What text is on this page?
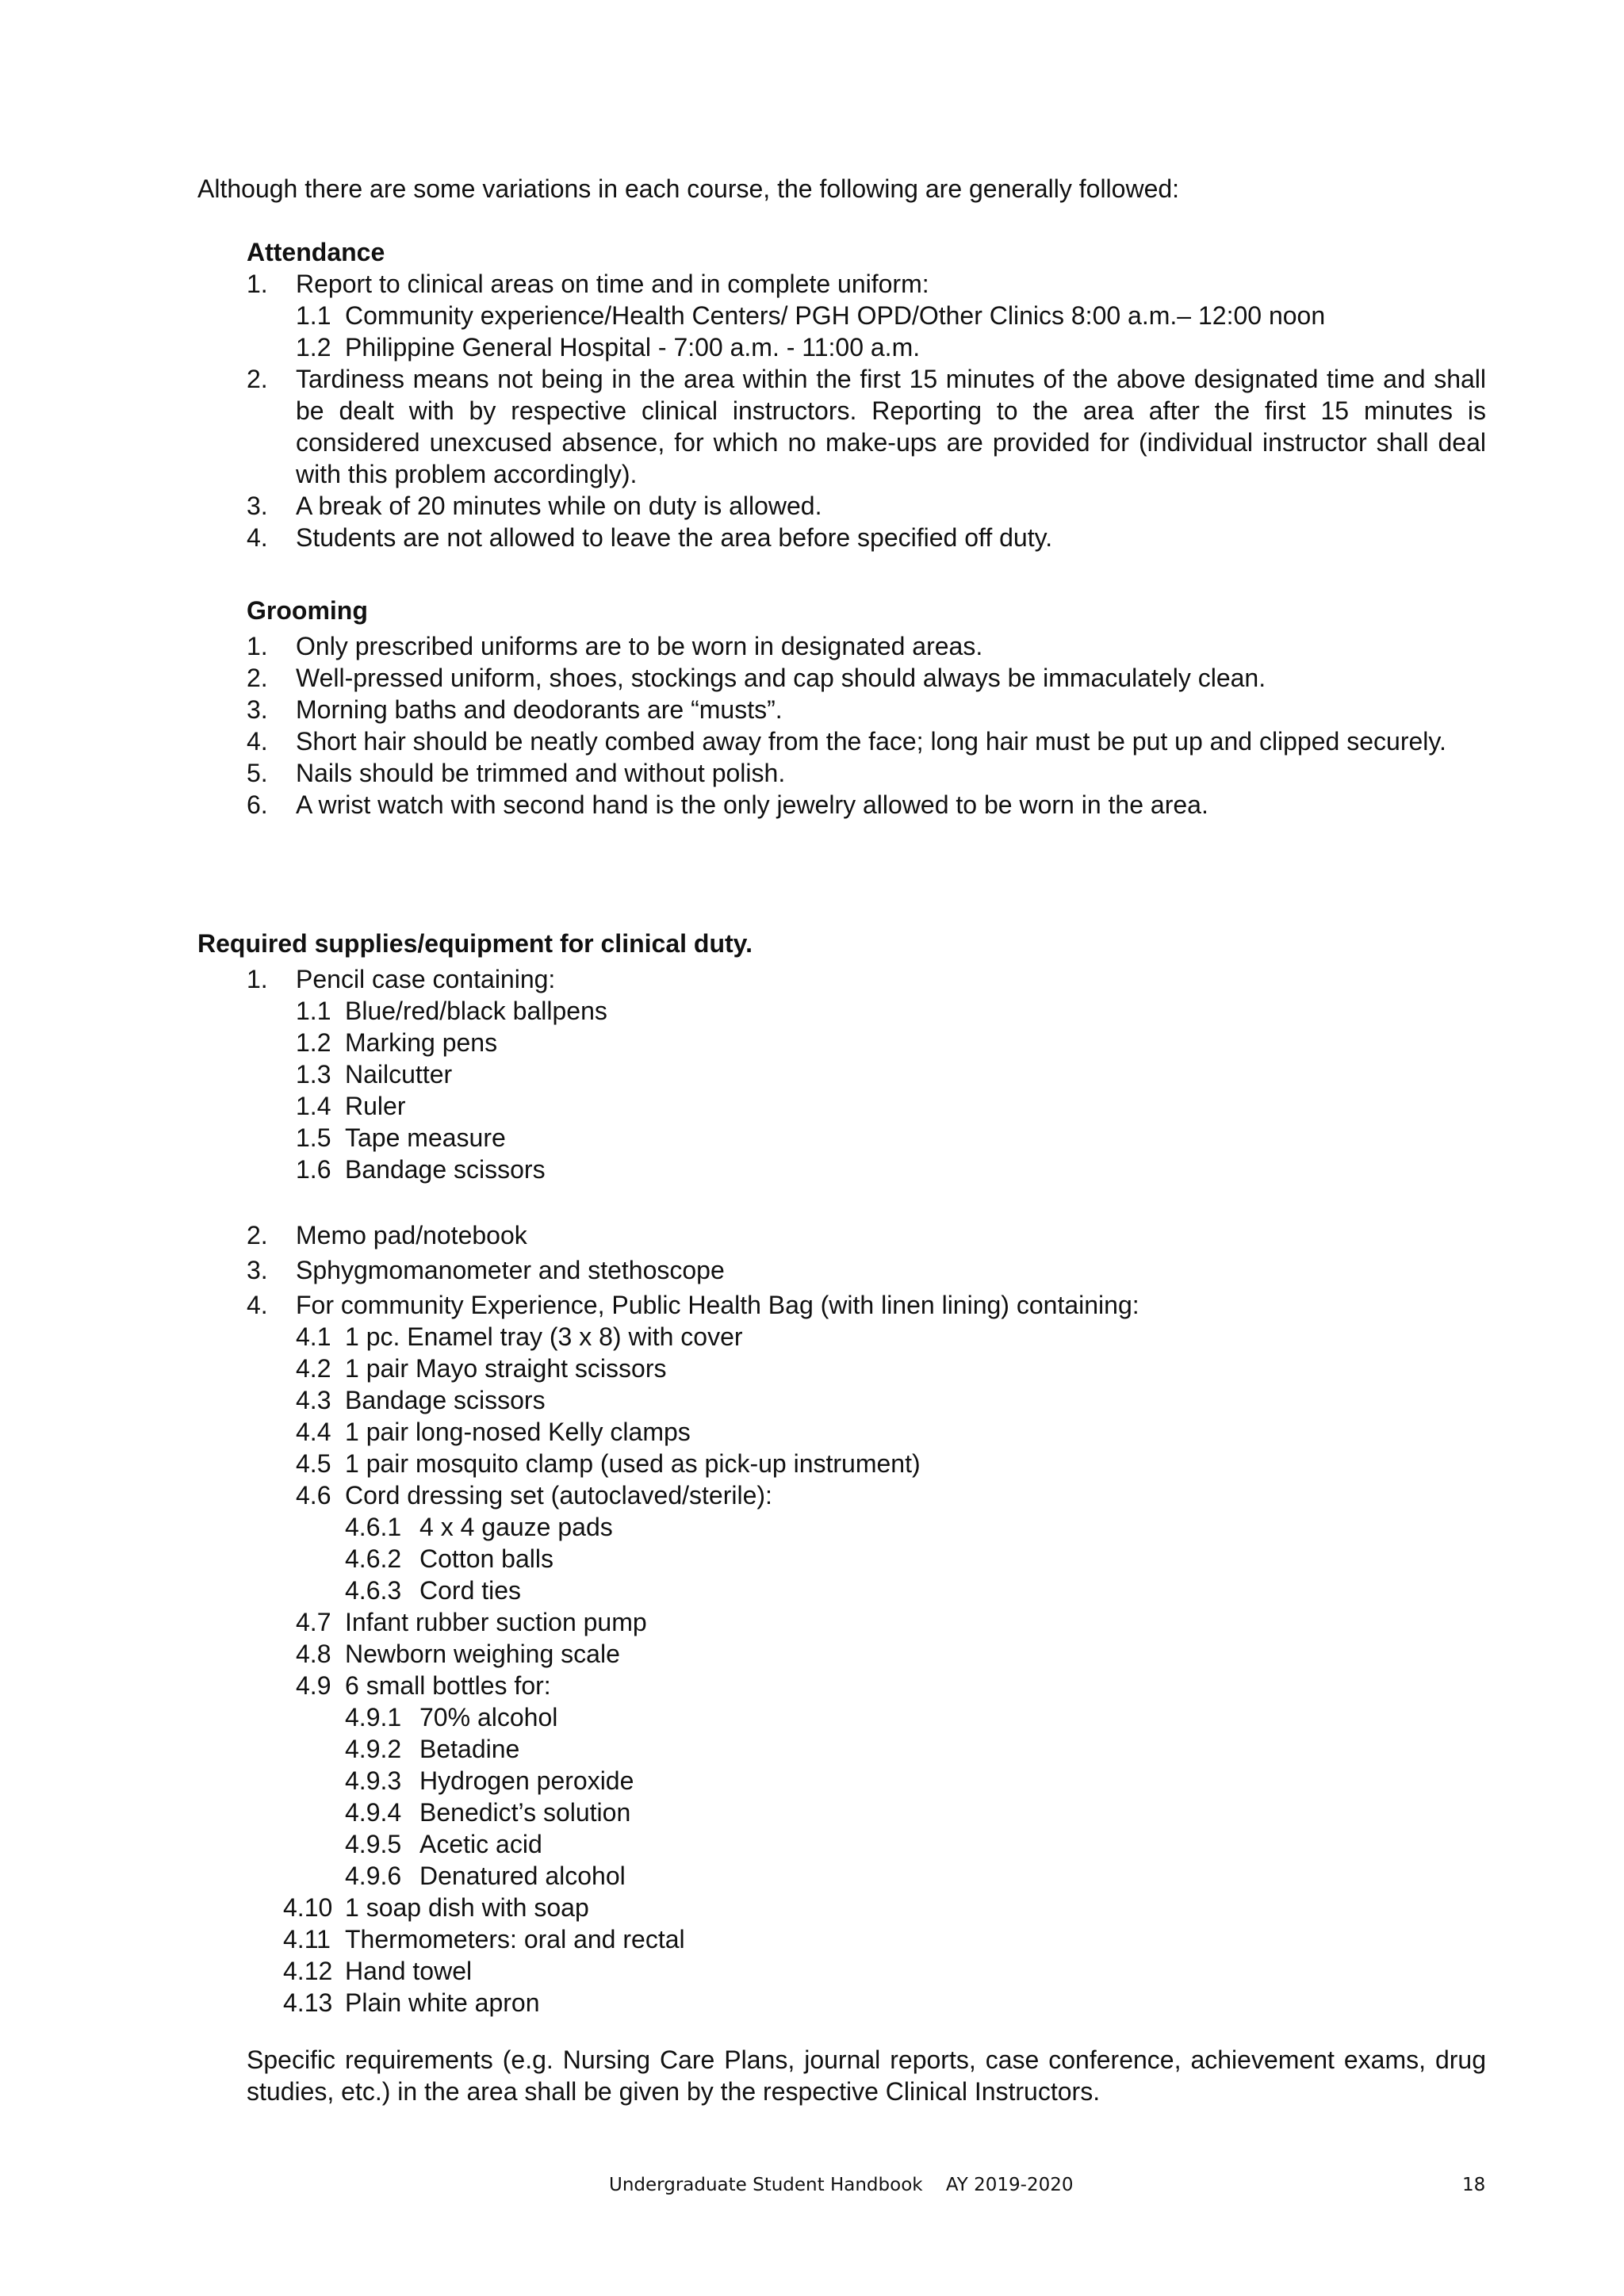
Although there are some variations in each course, the following are generally followed:
Attendance
1. Report to clinical areas on time and in complete uniform:
1.1 Community experience/Health Centers/ PGH OPD/Other Clinics 8:00 a.m.– 12:00 noon
1.2 Philippine General Hospital - 7:00 a.m. - 11:00 a.m.
2. Tardiness means not being in the area within the first 15 minutes of the above designated time and shall be dealt with by respective clinical instructors. Reporting to the area after the first 15 minutes is considered unexcused absence, for which no make-ups are provided for (individual instructor shall deal with this problem accordingly).
3. A break of 20 minutes while on duty is allowed.
4. Students are not allowed to leave the area before specified off duty.
Grooming
1. Only prescribed uniforms are to be worn in designated areas.
2. Well-pressed uniform, shoes, stockings and cap should always be immaculately clean.
3. Morning baths and deodorants are “musts”.
4. Short hair should be neatly combed away from the face; long hair must be put up and clipped securely.
5. Nails should be trimmed and without polish.
6. A wrist watch with second hand is the only jewelry allowed to be worn in the area.
Required supplies/equipment for clinical duty.
1. Pencil case containing:
1.1 Blue/red/black ballpens
1.2 Marking pens
1.3 Nailcutter
1.4 Ruler
1.5 Tape measure
1.6 Bandage scissors
2. Memo pad/notebook
3. Sphygmomanometer and stethoscope
4. For community Experience, Public Health Bag (with linen lining) containing:
4.1 1 pc. Enamel tray (3 x 8) with cover
4.2 1 pair Mayo straight scissors
4.3 Bandage scissors
4.4 1 pair long-nosed Kelly clamps
4.5 1 pair mosquito clamp (used as pick-up instrument)
4.6 Cord dressing set (autoclaved/sterile):
4.6.1 4 x 4 gauze pads
4.6.2 Cotton balls
4.6.3 Cord ties
4.7 Infant rubber suction pump
4.8 Newborn weighing scale
4.9 6 small bottles for:
4.9.1 70% alcohol
4.9.2 Betadine
4.9.3 Hydrogen peroxide
4.9.4 Benedict’s solution
4.9.5 Acetic acid
4.9.6 Denatured alcohol
4.10 1 soap dish with soap
4.11 Thermometers: oral and rectal
4.12 Hand towel
4.13 Plain white apron
Specific requirements (e.g. Nursing Care Plans, journal reports, case conference, achievement exams, drug studies, etc.) in the area shall be given by the respective Clinical Instructors.
Undergraduate Student Handbook    AY 2019-2020	18
